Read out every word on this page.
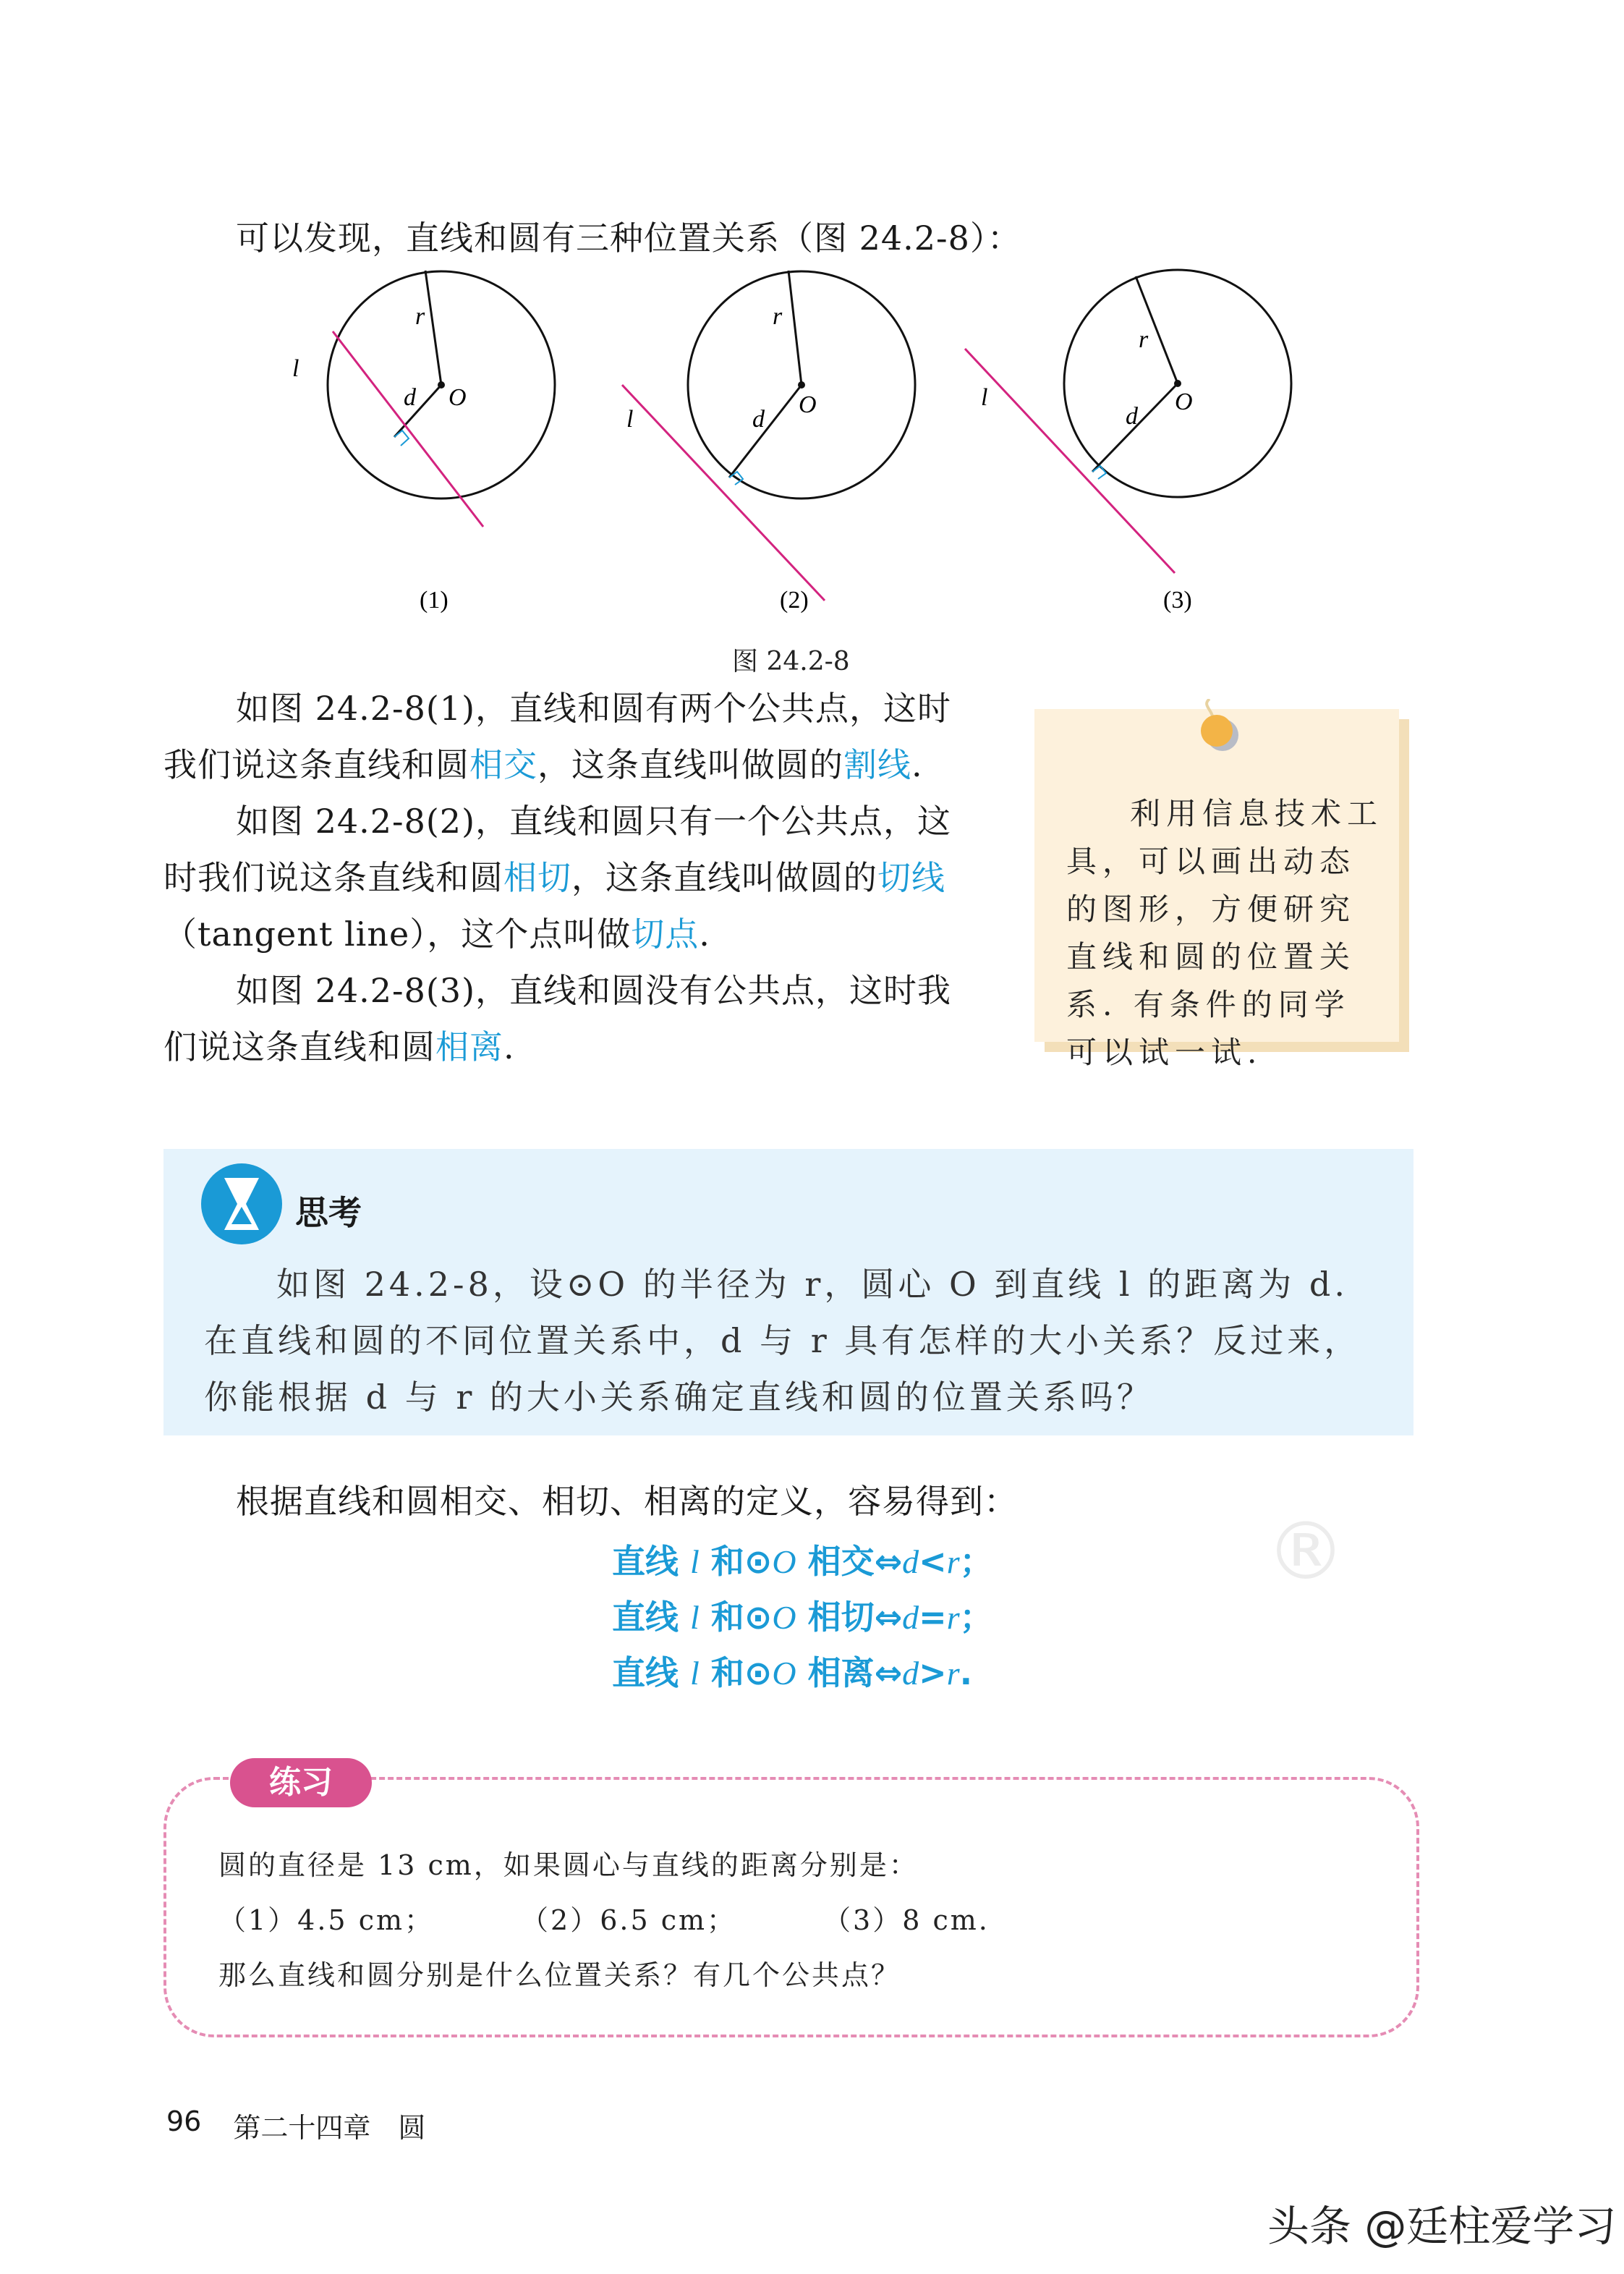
可以发现，直线和圆有三种位置关系（图 24.2-8）：
l
r
d O
(1)
l
r
d
O
(2)
l
r
d
O
(3)
图 24.2-8

如图 24.2-8(1)，直线和圆有两个公共点，这时我们说这条直线和圆相交，这条直线叫做圆的割线.

如图 24.2-8(2)，直线和圆只有一个公共点，这时我们说这条直线和圆相切，这条直线叫做圆的切线（tangent line），这个点叫做切点.

如图 24.2-8(3)，直线和圆没有公共点，这时我们说这条直线和圆相离.

利用信息技术工具，可以画出动态的图形，方便研究直线和圆的位置关系. 有条件的同学可以试一试.
思考
如图 24.2-8，设⊙O 的半径为 r，圆心 O 到直线 l 的距离为 d. 在直线和圆的不同位置关系中，d 与 r 具有怎样的大小关系？反过来，你能根据 d 与 r 的大小关系确定直线和圆的位置关系吗？
®
根据直线和圆相交、相切、相离的定义，容易得到：
直线 l 和⊙O 相交⇔d<r；
直线 l 和⊙O 相切⇔d=r；
直线 l 和⊙O 相离⇔d>r.
圆的直径是 13 cm，如果圆心与直线的距离分别是：
（1）4.5 cm；	（2）6.5 cm；	（3）8 cm.
那么直线和圆分别是什么位置关系？有几个公共点？
练习
96 第二十四章　圆
头条 @廷柱爱学习
